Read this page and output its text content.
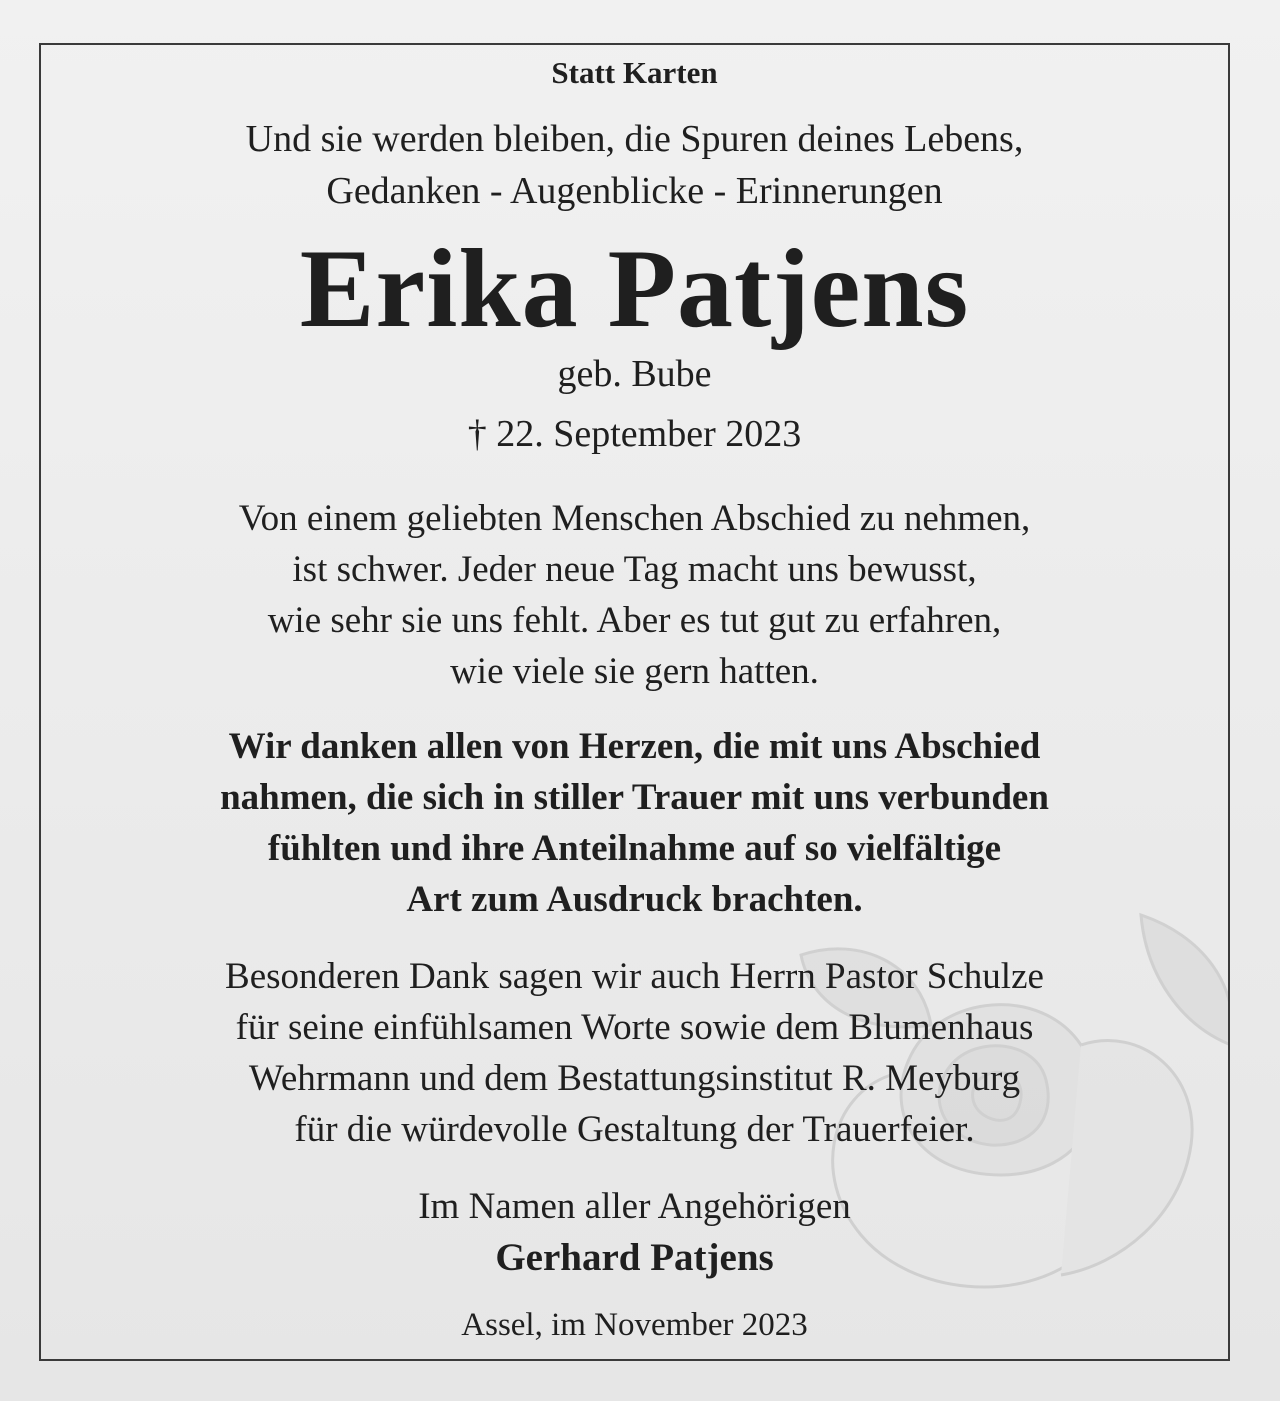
Statt Karten
Und sie werden bleiben, die Spuren deines Lebens,
Gedanken - Augenblicke - Erinnerungen
Erika Patjens
geb. Bube
† 22. September 2023
Von einem geliebten Menschen Abschied zu nehmen,
ist schwer. Jeder neue Tag macht uns bewusst,
wie sehr sie uns fehlt. Aber es tut gut zu erfahren,
wie viele sie gern hatten.
Wir danken allen von Herzen, die mit uns Abschied
nahmen, die sich in stiller Trauer mit uns verbunden
fühlten und ihre Anteilnahme auf so vielfältige
Art zum Ausdruck brachten.
Besonderen Dank sagen wir auch Herrn Pastor Schulze
für seine einfühlsamen Worte sowie dem Blumenhaus
Wehrmann und dem Bestattungsinstitut R. Meyburg
für die würdevolle Gestaltung der Trauerfeier.
Im Namen aller Angehörigen
Gerhard Patjens
Assel, im November 2023
